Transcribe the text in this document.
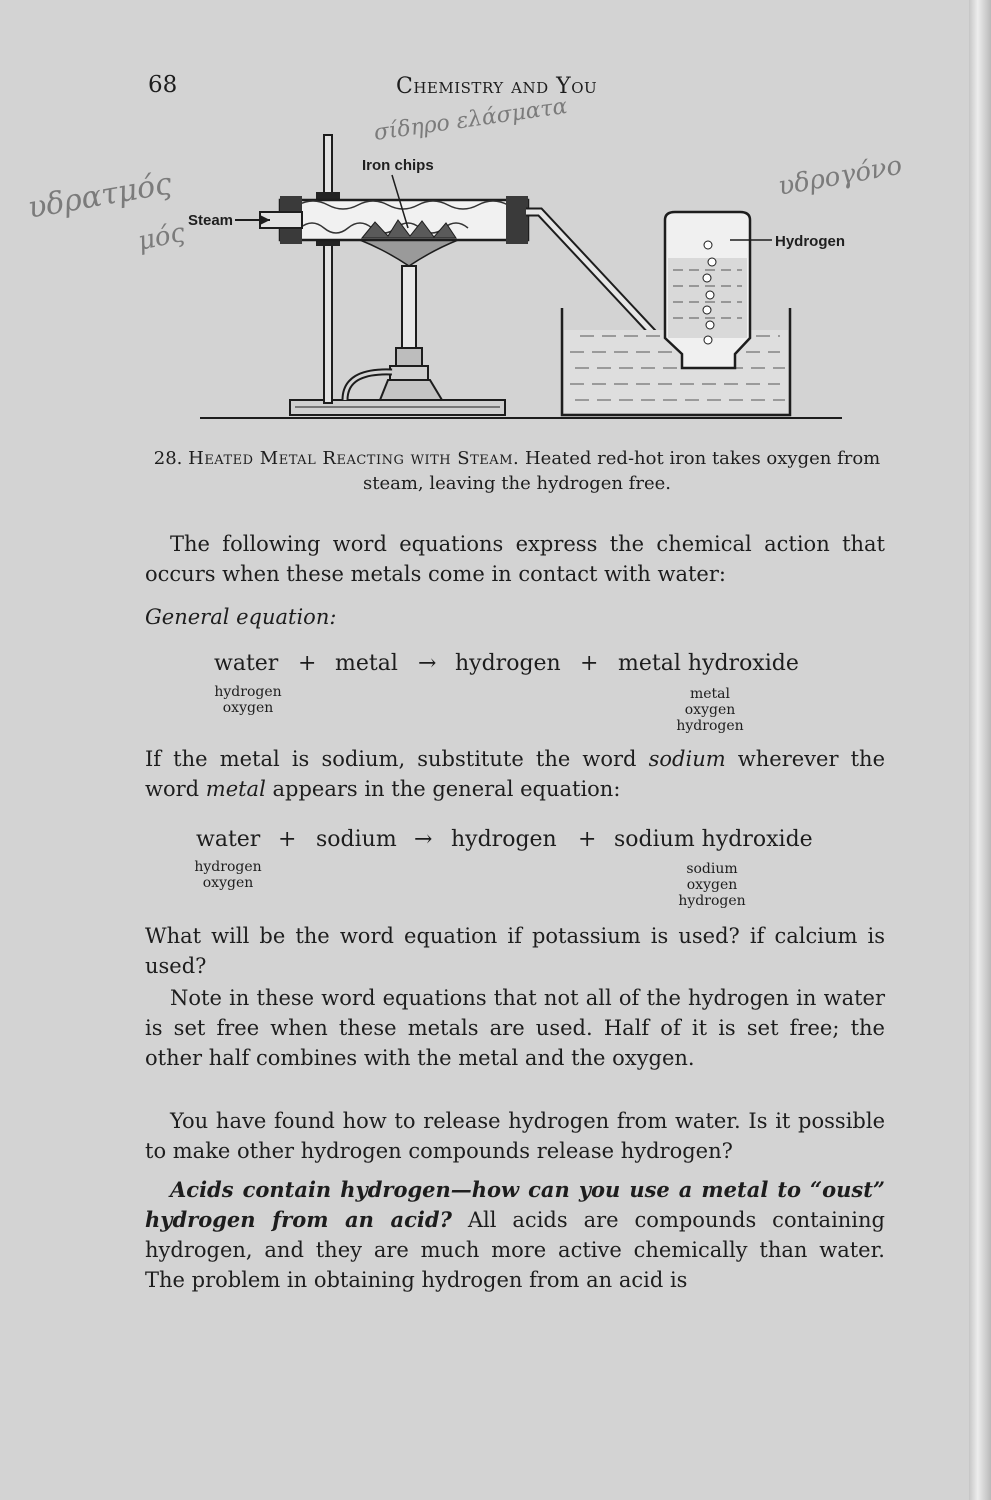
68	Chemistry and You
σίδηρο ελάσματα
υδρατμός
μός
υδρογόνο
Steam
Iron chips
Hydrogen
28. Heated Metal Reacting with Steam. Heated red-hot iron takes oxygen from steam, leaving the hydrogen free.
The following word equations express the chemical action that occurs when these metals come in contact with water:
General equation:
water + metal → hydrogen + metal hydroxide
hydrogen
oxygen
metal
oxygen
hydrogen
If the metal is sodium, substitute the word sodium wherever the word metal appears in the general equation:
water + sodium → hydrogen + sodium hydroxide
hydrogen
oxygen
sodium
oxygen
hydrogen
What will be the word equation if potassium is used? if calcium is used?
Note in these word equations that not all of the hydrogen in water is set free when these metals are used. Half of it is set free; the other half combines with the metal and the oxygen.
You have found how to release hydrogen from water. Is it possible to make other hydrogen compounds release hydrogen?
Acids contain hydrogen—how can you use a metal to “oust” hydrogen from an acid? All acids are compounds containing hydrogen, and they are much more active chemically than water. The problem in obtaining hydrogen from an acid is
